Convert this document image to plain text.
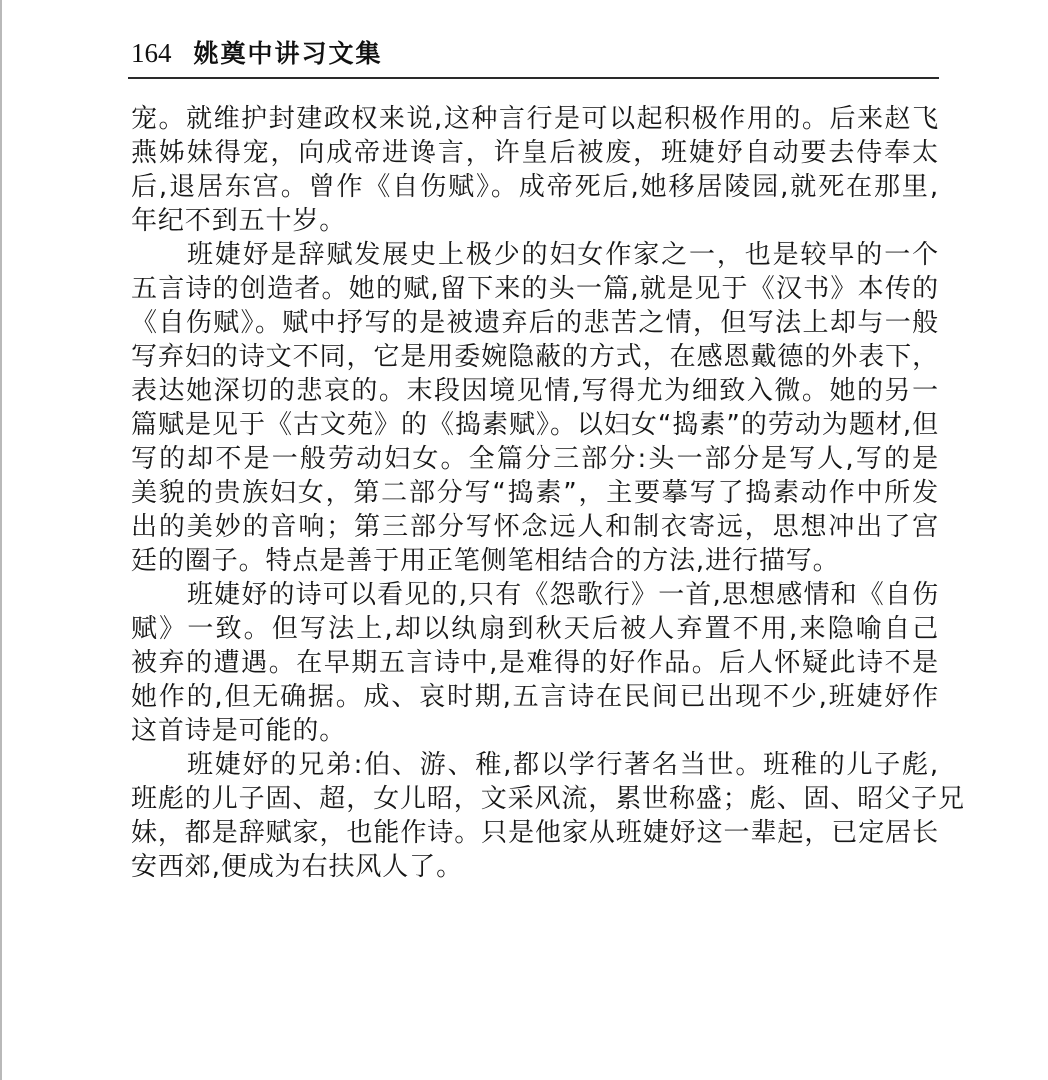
164 姚奠中讲习文集
宠。就维护封建政权来说,这种言行是可以起积极作用的。后来赵飞
燕姊妹得宠，向成帝进谗言，许皇后被废，班婕妤自动要去侍奉太
后,退居东宫。曾作《自伤赋》。成帝死后,她移居陵园,就死在那里,
年纪不到五十岁。
班婕妤是辞赋发展史上极少的妇女作家之一，也是较早的一个
五言诗的创造者。她的赋,留下来的头一篇,就是见于《汉书》本传的
《自伤赋》。赋中抒写的是被遗弃后的悲苦之情，但写法上却与一般
写弃妇的诗文不同，它是用委婉隐蔽的方式，在感恩戴德的外表下，
表达她深切的悲哀的。末段因境见情,写得尤为细致入微。她的另一
篇赋是见于《古文苑》的《捣素赋》。以妇女“捣素”的劳动为题材,但
写的却不是一般劳动妇女。全篇分三部分:头一部分是写人,写的是
美貌的贵族妇女，第二部分写“捣素”，主要摹写了捣素动作中所发
出的美妙的音响；第三部分写怀念远人和制衣寄远，思想冲出了宫
廷的圈子。特点是善于用正笔侧笔相结合的方法,进行描写。
班婕妤的诗可以看见的,只有《怨歌行》一首,思想感情和《自伤
赋》一致。但写法上,却以纨扇到秋天后被人弃置不用,来隐喻自己
被弃的遭遇。在早期五言诗中,是难得的好作品。后人怀疑此诗不是
她作的,但无确据。成、哀时期,五言诗在民间已出现不少,班婕妤作
这首诗是可能的。
班婕妤的兄弟:伯、游、稚,都以学行著名当世。班稚的儿子彪,
班彪的儿子固、超，女儿昭，文采风流，累世称盛；彪、固、昭父子兄
妹，都是辞赋家，也能作诗。只是他家从班婕妤这一辈起，已定居长
安西郊,便成为右扶风人了。
